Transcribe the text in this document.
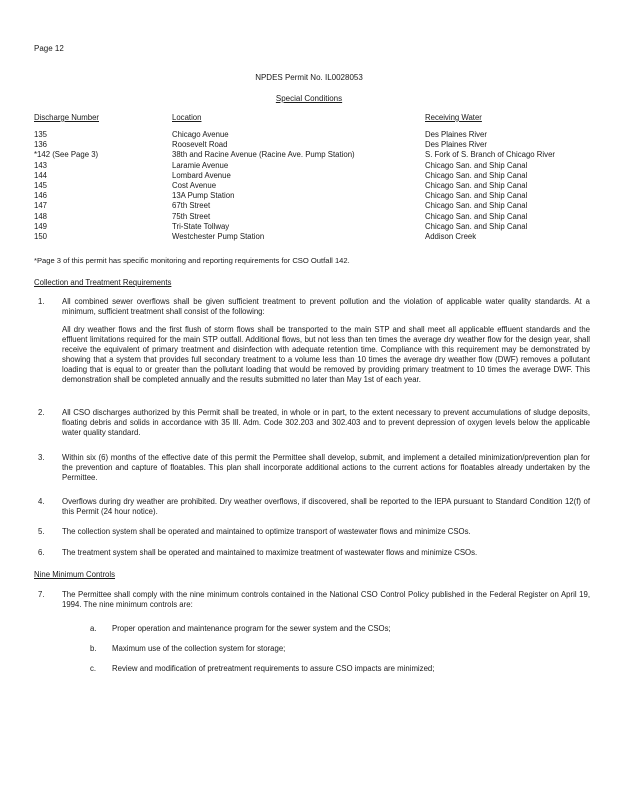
Page 12
NPDES Permit No. IL0028053
Special Conditions
Discharge Number	Location	Receiving Water
135	Chicago Avenue	Des Plaines River
136	Roosevelt Road	Des Plaines River
*142 (See Page 3)	38th and Racine Avenue (Racine Ave. Pump Station)	S. Fork of S. Branch of Chicago River
143	Laramie Avenue	Chicago San. and Ship Canal
144	Lombard Avenue	Chicago San. and Ship Canal
145	Cost Avenue	Chicago San. and Ship Canal
146	13A Pump Station	Chicago San. and Ship Canal
147	67th Street	Chicago San. and Ship Canal
148	75th Street	Chicago San. and Ship Canal
149	Tri-State Tollway	Chicago San. and Ship Canal
150	Westchester Pump Station	Addison Creek
*Page 3 of this permit has specific monitoring and reporting requirements for CSO Outfall 142.
Collection and Treatment Requirements
1. All combined sewer overflows shall be given sufficient treatment to prevent pollution and the violation of applicable water quality standards. At a minimum, sufficient treatment shall consist of the following:
All dry weather flows and the first flush of storm flows shall be transported to the main STP and shall meet all applicable effluent standards and the effluent limitations required for the main STP outfall. Additional flows, but not less than ten times the average dry weather flow for the design year, shall receive the equivalent of primary treatment and disinfection with adequate retention time. Compliance with this requirement may be demonstrated by showing that a system that provides full secondary treatment to a volume less than 10 times the average dry weather flow (DWF) removes a pollutant loading that is equal to or greater than the pollutant loading that would be removed by providing primary treatment to 10 times the average DWF. This demonstration shall be completed annually and the results submitted no later than May 1st of each year.
2. All CSO discharges authorized by this Permit shall be treated, in whole or in part, to the extent necessary to prevent accumulations of sludge deposits, floating debris and solids in accordance with 35 Ill. Adm. Code 302.203 and 302.403 and to prevent depression of oxygen levels below the applicable water quality standard.
3. Within six (6) months of the effective date of this permit the Permittee shall develop, submit, and implement a detailed minimization/prevention plan for the prevention and capture of floatables. This plan shall incorporate additional actions to the current actions for floatables already undertaken by the Permittee.
4. Overflows during dry weather are prohibited. Dry weather overflows, if discovered, shall be reported to the IEPA pursuant to Standard Condition 12(f) of this Permit (24 hour notice).
5. The collection system shall be operated and maintained to optimize transport of wastewater flows and minimize CSOs.
6. The treatment system shall be operated and maintained to maximize treatment of wastewater flows and minimize CSOs.
Nine Minimum Controls
7. The Permittee shall comply with the nine minimum controls contained in the National CSO Control Policy published in the Federal Register on April 19, 1994. The nine minimum controls are:
a. Proper operation and maintenance program for the sewer system and the CSOs;
b. Maximum use of the collection system for storage;
c. Review and modification of pretreatment requirements to assure CSO impacts are minimized;
